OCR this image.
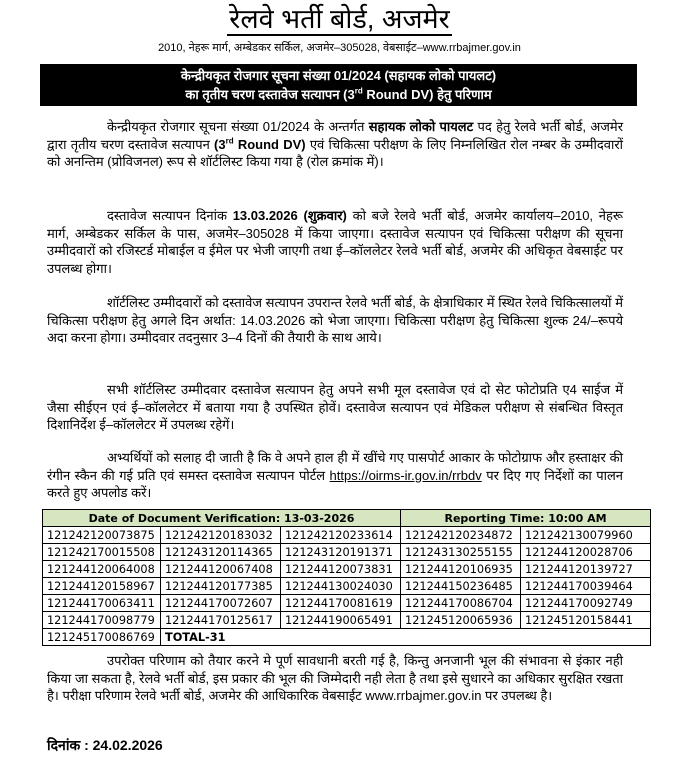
रेलवे भर्ती बोर्ड, अजमेर
2010, नेहरू मार्ग, अम्बेडकर सर्किल, अजमेर–305028, वेबसाईट–www.rrbajmer.gov.in
केन्द्रीयकृत रोजगार सूचना संख्या 01/2024 (सहायक लोको पायलट)
का तृतीय चरण दस्तावेज सत्यापन (3rd Round DV) हेतु परिणाम

केन्द्रीयकृत रोजगार सूचना संख्या 01/2024 के अन्तर्गत सहायक लोको पायलट पद हेतु रेलवे भर्ती बोर्ड, अजमेर द्वारा तृतीय चरण दस्तावेज सत्यापन (3rd Round DV) एवं चिकित्सा परीक्षण के लिए निम्नलिखित रोल नम्बर के उम्मीदवारों को अनन्तिम (प्रोविजनल) रूप से शॉर्टलिस्ट किया गया है (रोल क्रमांक में)।

दस्तावेज सत्यापन दिनांक 13.03.2026 (शुक्रवार) को बजे रेलवे भर्ती बोर्ड, अजमेर कार्यालय–2010, नेहरू मार्ग, अम्बेडकर सर्किल के पास, अजमेर–305028 में किया जाएगा। दस्तावेज सत्यापन एवं चिकित्सा परीक्षण की सूचना उम्मीदवारों को रजिस्टर्ड मोबाईल व ईमेल पर भेजी जाएगी तथा ई–कॉललेटर रेलवे भर्ती बोर्ड, अजमेर की अधिकृत वेबसाईट पर उपलब्ध होगा।

शॉर्टलिस्ट उम्मीदवारों को दस्तावेज सत्यापन उपरान्त रेलवे भर्ती बोर्ड, के क्षेत्राधिकार में स्थित रेलवे चिकित्सालयों में चिकित्सा परीक्षण हेतु अगले दिन अर्थात: 14.03.2026 को भेजा जाएगा। चिकित्सा परीक्षण हेतु चिकित्सा शुल्क 24/–रूपये अदा करना होगा। उम्मीदवार तदनुसार 3–4 दिनों की तैयारी के साथ आये।

सभी शॉर्टलिस्ट उम्मीदवार दस्तावेज सत्यापन हेतु अपने सभी मूल दस्तावेज एवं दो सेट फोटोप्रति ए4 साईज में जैसा सीईएन एवं ई–कॉललेटर में बताया गया है उपस्थित होवें। दस्तावेज सत्यापन एवं मेडिकल परीक्षण से संबन्धित विस्तृत दिशानिर्देश ई–कॉललेटर में उपलब्ध रहेगें।

अभ्यर्थियों को सलाह दी जाती है कि वे अपने हाल ही में खींचे गए पासपोर्ट आकार के फोटोग्राफ और हस्ताक्षर की रंगीन स्कैन की गई प्रति एवं समस्त दस्तावेज सत्यापन पोर्टल https://oirms-ir.gov.in/rrbdv पर दिए गए निर्देशों का पालन करते हुए अपलोड करें।

Date of Document Verification: 13-03-2026			Reporting Time: 10:00 AM	
121242120073875	121242120183032	121242120233614	121242120234872	121242130079960
121242170015508	121243120114365	121243120191371	121243130255155	121244120028706
121244120064008	121244120067408	121244120073831	121244120106935	121244120139727
121244120158967	121244120177385	121244130024030	121244150236485	121244170039464
121244170063411	121244170072607	121244170081619	121244170086704	121244170092749
121244170098779	121244170125617	121244190065491	121245120065936	121245120158441
121245170086769	TOTAL-31			

उपरोक्त परिणाम को तैयार करने मे पूर्ण सावधानी बरती गई है, किन्तु अनजानी भूल की संभावना से इंकार नही किया जा सकता है, रेलवे भर्ती बोर्ड, इस प्रकार की भूल की जिम्मेदारी नही लेता है तथा इसे सुधारने का अधिकार सुरक्षित रखता है। परीक्षा परिणाम रेलवे भर्ती बोर्ड, अजमेर की आधिकारिक वेबसाईट www.rrbajmer.gov.in पर उपलब्ध है।

दिनांक : 24.02.2026
